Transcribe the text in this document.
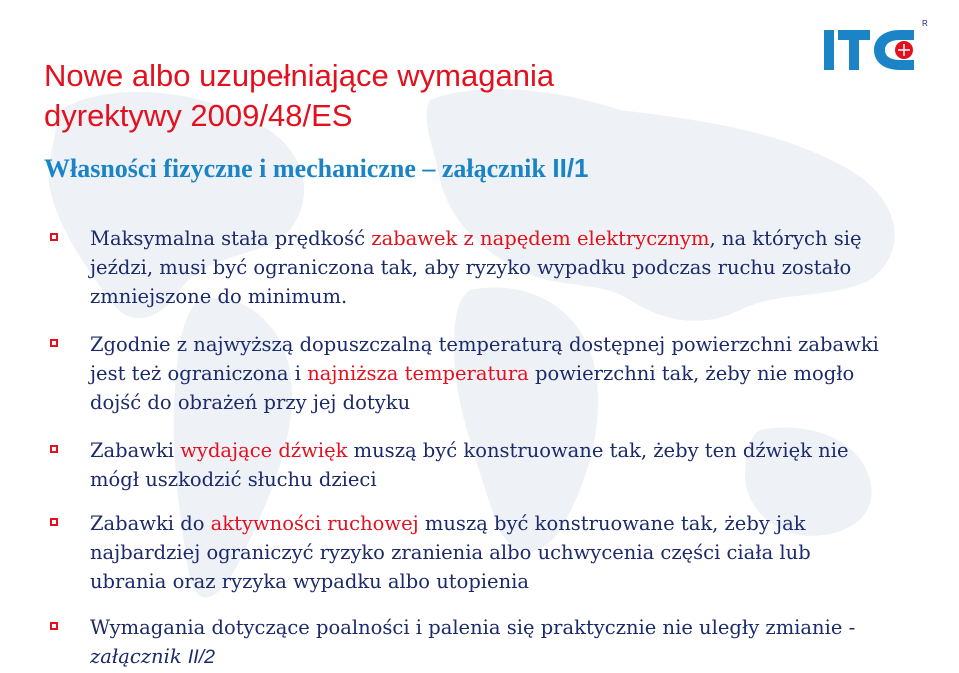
R
Nowe albo uzupełniające wymagania
dyrektywy 2009/48/ES
Własności fizyczne i mechaniczne – załącznik II/1

Maksymalna stała prędkość zabawek z napędem elektrycznym, na których się jeździ, musi być ograniczona tak, aby ryzyko wypadku podczas ruchu zostało zmniejszone do minimum.

Zgodnie z najwyższą dopuszczalną temperaturą dostępnej powierzchni zabawki jest też ograniczona i najniższa temperatura powierzchni tak, żeby nie mogło dojść do obrażeń przy jej dotyku

Zabawki wydające dźwięk muszą być konstruowane tak, żeby ten dźwięk nie mógł uszkodzić słuchu dzieci

Zabawki do aktywności ruchowej muszą być konstruowane tak, żeby jak najbardziej ograniczyć ryzyko zranienia albo uchwycenia części ciała lub ubrania oraz ryzyka wypadku albo utopienia

Wymagania dotyczące poalności i palenia się praktycznie nie uległy zmianie - załącznik II/2
